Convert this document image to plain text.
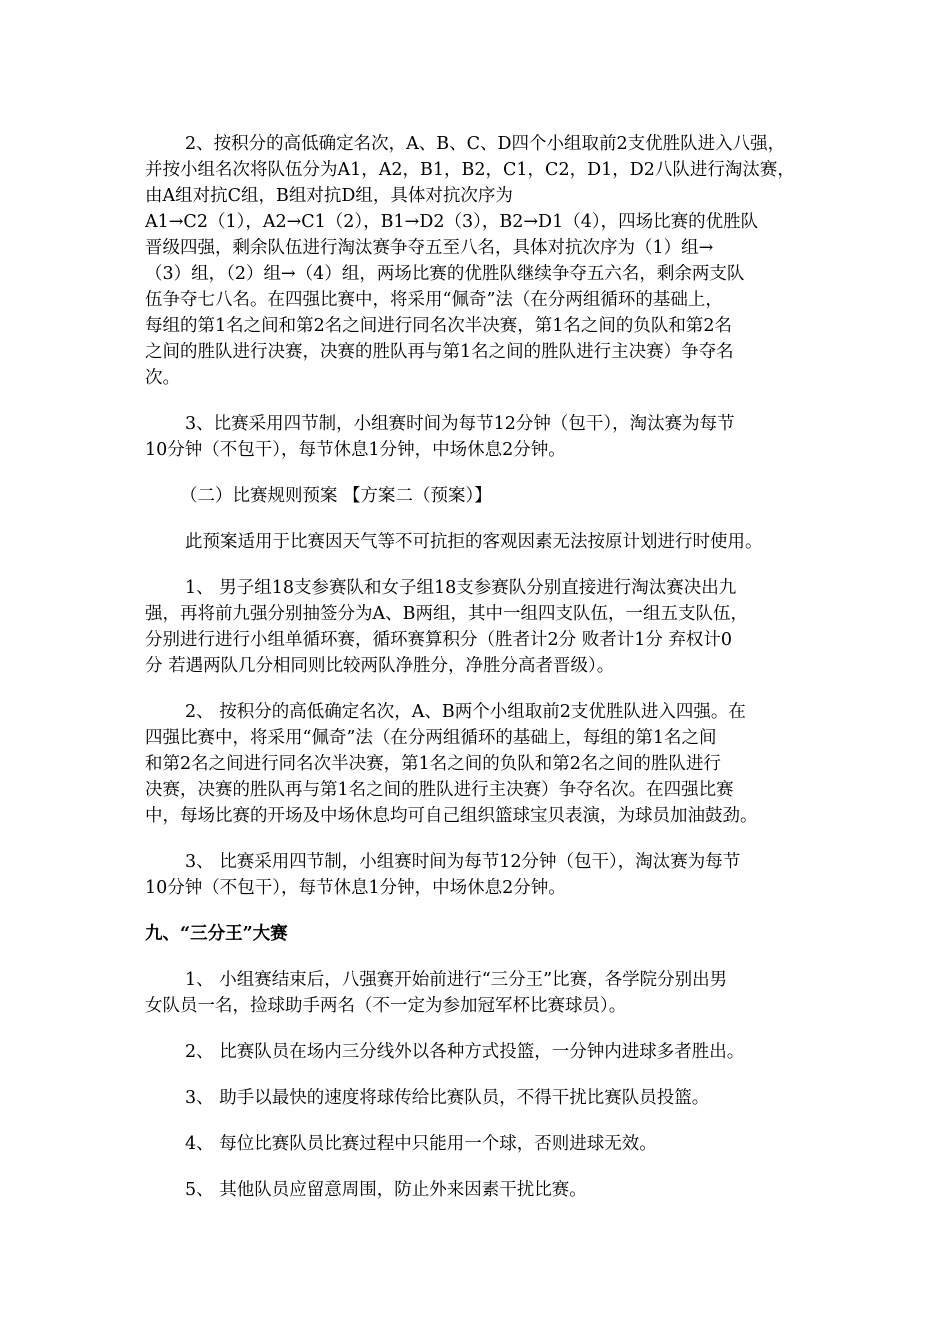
2、按积分的高低确定名次，A、B、C、D四个小组取前2支优胜队进入八强，
并按小组名次将队伍分为A1，A2，B1，B2，C1，C2，D1，D2八队进行淘汰赛，
由A组对抗C组，B组对抗D组，具体对抗次序为
A1→C2（1），A2→C1（2），B1→D2（3），B2→D1（4），四场比赛的优胜队
晋级四强，剩余队伍进行淘汰赛争夺五至八名，具体对抗次序为（1）组→
（3）组，（2）组→（4）组，两场比赛的优胜队继续争夺五六名，剩余两支队
伍争夺七八名。在四强比赛中，将采用“佩奇”法（在分两组循环的基础上，
每组的第1名之间和第2名之间进行同名次半决赛，第1名之间的负队和第2名
之间的胜队进行决赛，决赛的胜队再与第1名之间的胜队进行主决赛）争夺名
次。
3、比赛采用四节制，小组赛时间为每节12分钟（包干），淘汰赛为每节
10分钟（不包干），每节休息1分钟，中场休息2分钟。
（二）比赛规则预案 【方案二（预案）】
此预案适用于比赛因天气等不可抗拒的客观因素无法按原计划进行时使用。
1、 男子组18支参赛队和女子组18支参赛队分别直接进行淘汰赛决出九
强，再将前九强分别抽签分为A、B两组，其中一组四支队伍，一组五支队伍，
分别进行进行小组单循环赛，循环赛算积分（胜者计2分 败者计1分 弃权计0
分 若遇两队几分相同则比较两队净胜分，净胜分高者晋级）。
2、 按积分的高低确定名次，A、B两个小组取前2支优胜队进入四强。在
四强比赛中，将采用“佩奇”法（在分两组循环的基础上，每组的第1名之间
和第2名之间进行同名次半决赛，第1名之间的负队和第2名之间的胜队进行
决赛，决赛的胜队再与第1名之间的胜队进行主决赛）争夺名次。在四强比赛
中，每场比赛的开场及中场休息均可自己组织篮球宝贝表演，为球员加油鼓劲。
3、 比赛采用四节制，小组赛时间为每节12分钟（包干），淘汰赛为每节
10分钟（不包干），每节休息1分钟，中场休息2分钟。
九、“三分王”大赛
1、 小组赛结束后，八强赛开始前进行“三分王”比赛，各学院分别出男
女队员一名，捡球助手两名（不一定为参加冠军杯比赛球员）。
2、 比赛队员在场内三分线外以各种方式投篮，一分钟内进球多者胜出。
3、 助手以最快的速度将球传给比赛队员，不得干扰比赛队员投篮。
4、 每位比赛队员比赛过程中只能用一个球，否则进球无效。
5、 其他队员应留意周围，防止外来因素干扰比赛。
